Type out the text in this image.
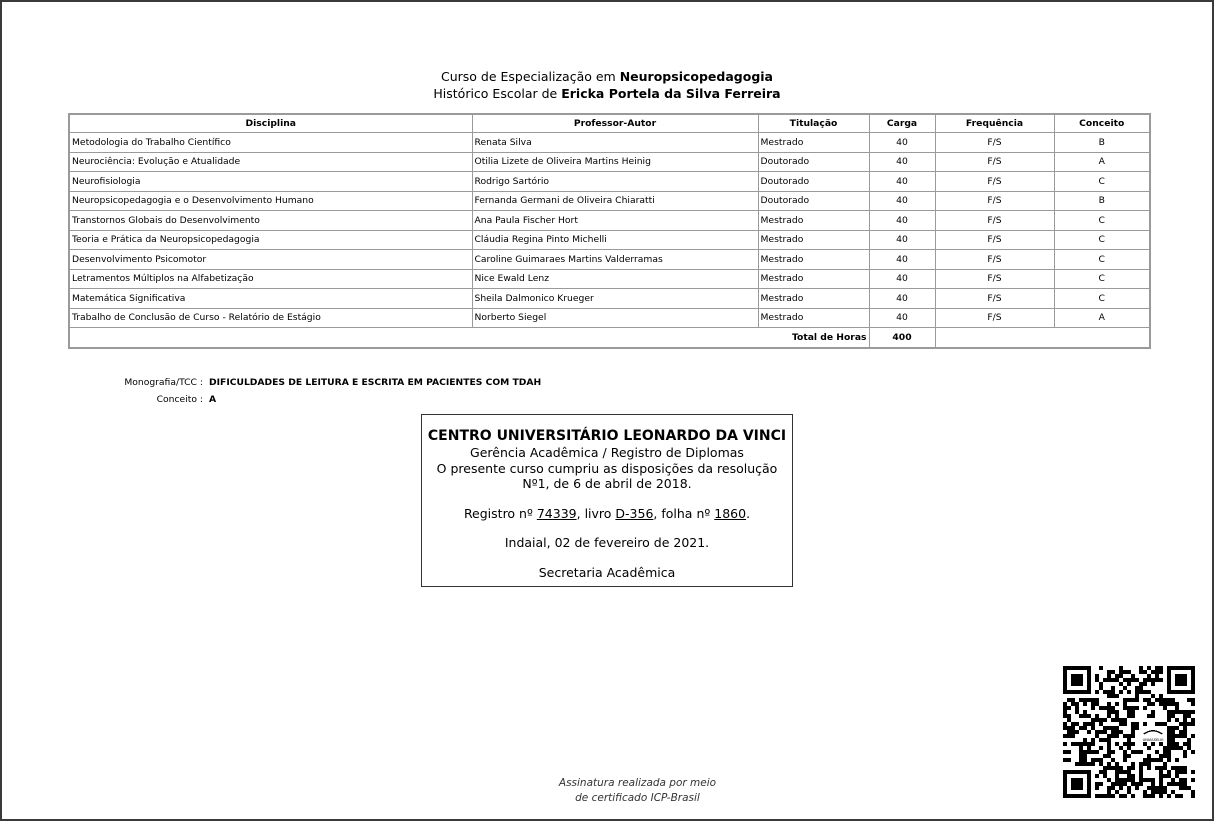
Curso de Especialização em Neuropsicopedagogia
Histórico Escolar de Ericka Portela da Silva Ferreira
Disciplina	Professor-Autor	Titulação	Carga	Frequência	Conceito
Metodologia do Trabalho Científico	Renata Silva	Mestrado	40	F/S	B
Neurociência: Evolução e Atualidade	Otilia Lizete de Oliveira Martins Heinig	Doutorado	40	F/S	A
Neurofisiologia	Rodrigo Sartório	Doutorado	40	F/S	C
Neuropsicopedagogia e o Desenvolvimento Humano	Fernanda Germani de Oliveira Chiaratti	Doutorado	40	F/S	B
Transtornos Globais do Desenvolvimento	Ana Paula Fischer Hort	Mestrado	40	F/S	C
Teoria e Prática da Neuropsicopedagogia	Cláudia Regina Pinto Michelli	Mestrado	40	F/S	C
Desenvolvimento Psicomotor	Caroline Guimaraes Martins Valderramas	Mestrado	40	F/S	C
Letramentos Múltiplos na Alfabetização	Nice Ewald Lenz	Mestrado	40	F/S	C
Matemática Significativa	Sheila Dalmonico Krueger	Mestrado	40	F/S	C
Trabalho de Conclusão de Curso - Relatório de Estágio	Norberto Siegel	Mestrado	40	F/S	A
Total de Horas			400		
Monografia/TCC : DIFICULDADES DE LEITURA E ESCRITA EM PACIENTES COM TDAH
Conceito : A
CENTRO UNIVERSITÁRIO LEONARDO DA VINCI
Gerência Acadêmica / Registro de Diplomas
O presente curso cumpriu as disposições da resolução
Nº1, de 6 de abril de 2018.
Registro nº 74339, livro D-356, folha nº 1860.
Indaial, 02 de fevereiro de 2021.
Secretaria Acadêmica
Assinatura realizada por meio
de certificado ICP-Brasil
